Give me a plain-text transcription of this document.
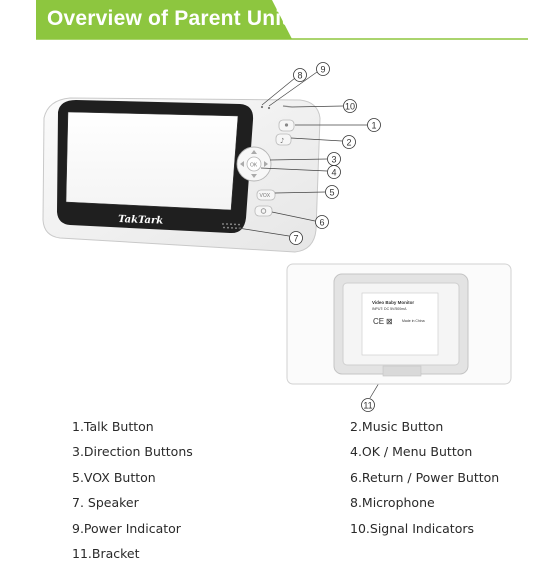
TakTark
♪
OK
VOX
1
2
3
4
5
6
7
8
9
10
11
Video Baby Monitor
INPUT: DC 5V/500mA
CE ⊠	Made in China
Overview of Parent Unit
1.Talk Button	2.Music Button
3.Direction Buttons	4.OK / Menu Button
5.VOX Button	6.Return / Power Button
7. Speaker	8.Microphone
9.Power Indicator	10.Signal Indicators
11.Bracket
